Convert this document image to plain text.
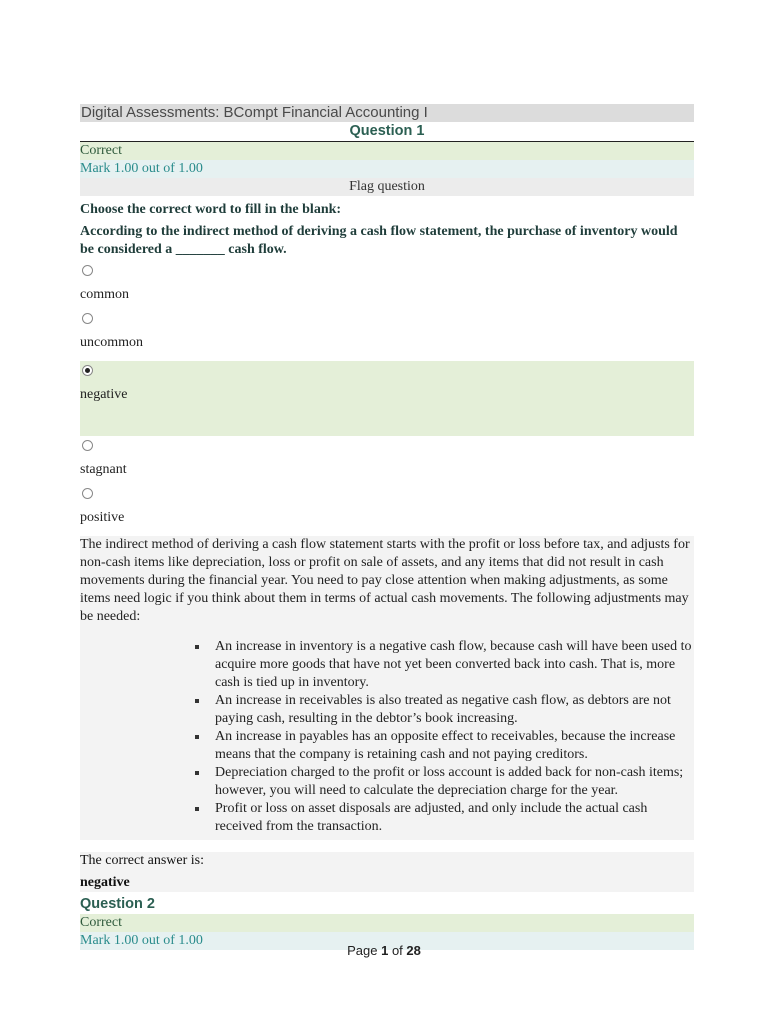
Digital Assessments: BCompt Financial Accounting I
Question 1
Correct
Mark 1.00 out of 1.00
Flag question
Choose the correct word to fill in the blank:
According to the indirect method of deriving a cash flow statement, the purchase of inventory would be considered a _______ cash flow.
common
uncommon
negative
stagnant
positive

The indirect method of deriving a cash flow statement starts with the profit or loss before tax, and adjusts for non-cash items like depreciation, loss or profit on sale of assets, and any items that did not result in cash movements during the financial year. You need to pay close attention when making adjustments, as some items need logic if you think about them in terms of actual cash movements. The following adjustments may be needed:

An increase in inventory is a negative cash flow, because cash will have been used to acquire more goods that have not yet been converted back into cash. That is, more cash is tied up in inventory.
An increase in receivables is also treated as negative cash flow, as debtors are not paying cash, resulting in the debtor’s book increasing.
An increase in payables has an opposite effect to receivables, because the increase means that the company is retaining cash and not paying creditors.
Depreciation charged to the profit or loss account is added back for non-cash items; however, you will need to calculate the depreciation charge for the year.
Profit or loss on asset disposals are adjusted, and only include the actual cash received from the transaction.
The correct answer is:
negative
Question 2
Correct
Mark 1.00 out of 1.00
Page 1 of 28
